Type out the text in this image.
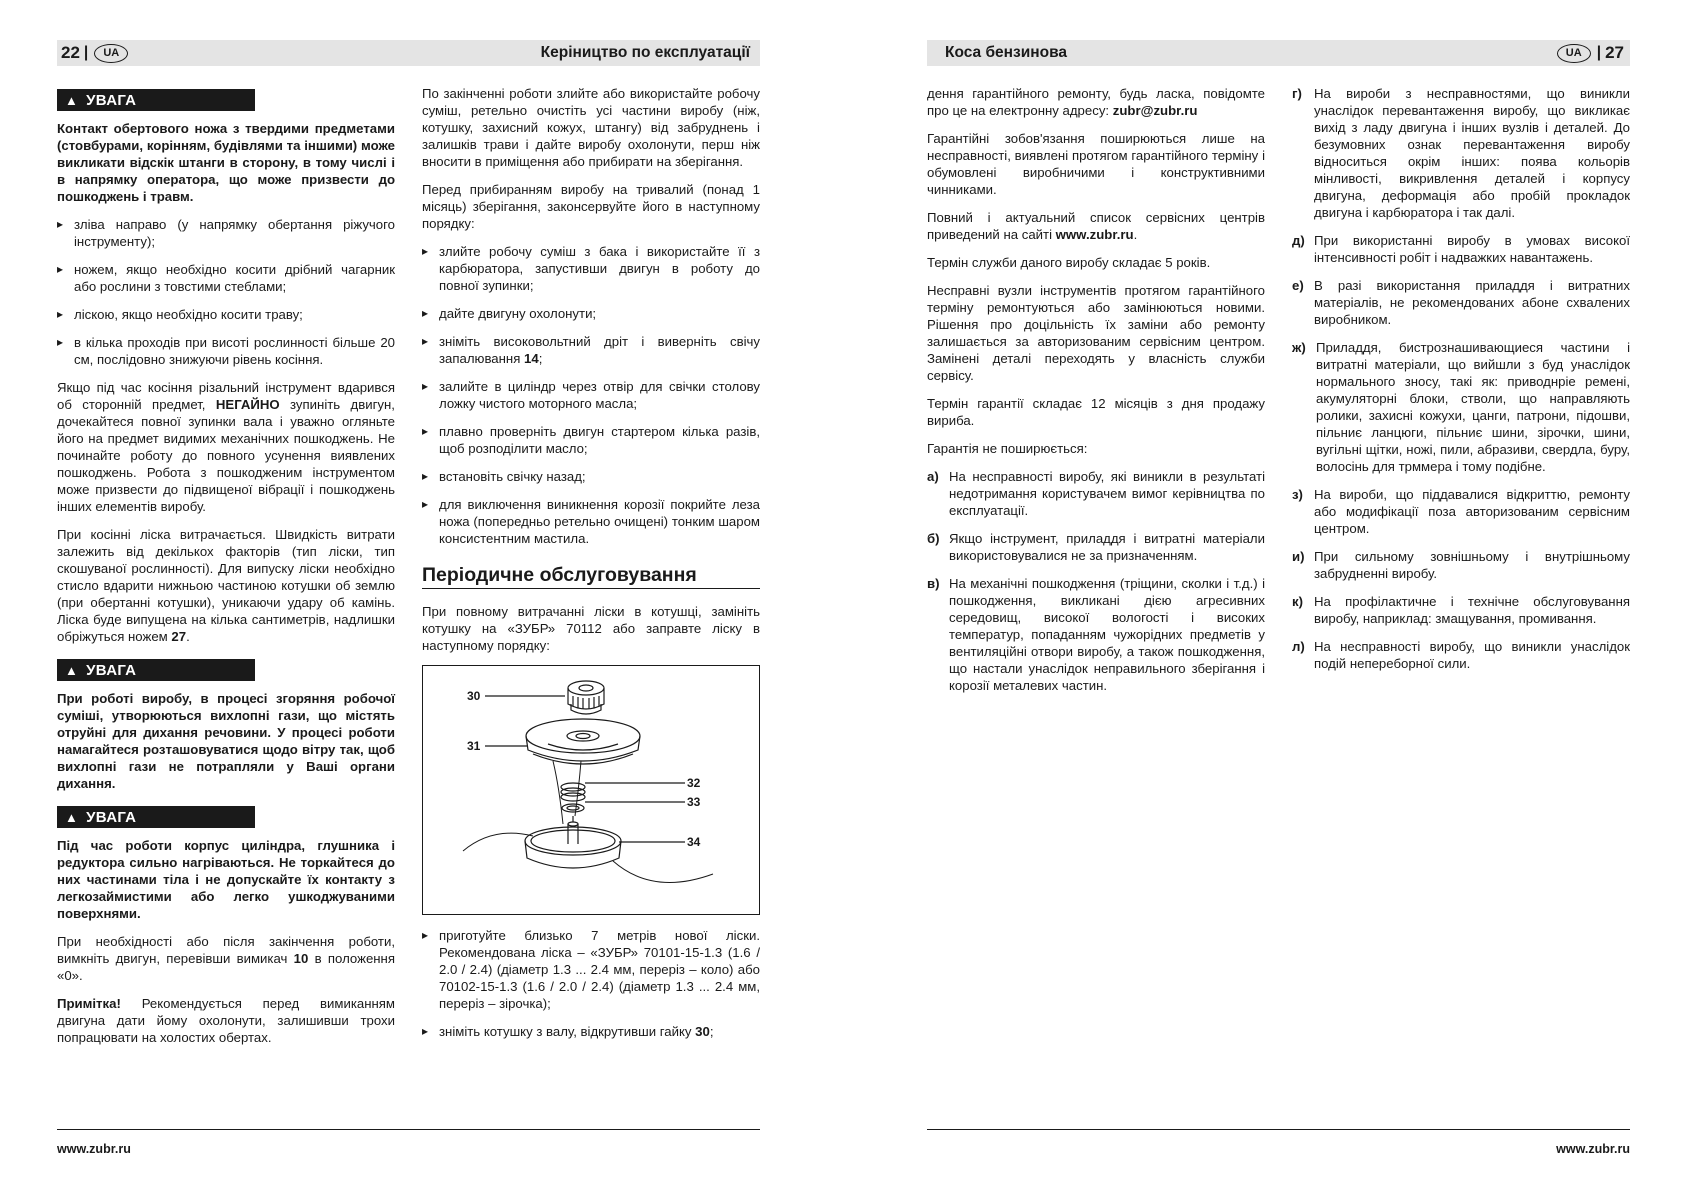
22 |	UA	Керіництво по експлуатації
▲ УВАГА

Контакт обертового ножа з твердими предметами (стовбурами, корінням, будівлями та іншими) може викликати відскік штанги в сторону, в тому числі і в напрямку оператора, що може призвести до пошкоджень і травм.

▸ зліва направо (у напрямку обертання ріжучого інструменту);
▸ ножем, якщо необхідно косити дрібний чагарник або рослини з товстими стеблами;
▸ ліскою, якщо необхідно косити траву;
▸ в кілька проходів при висоті рослинності більше 20 см, послідовно знижуючи рівень косіння.

Якщо під час косіння різальний інструмент вдарився об сторонній предмет, НЕГАЙНО зупиніть двигун, дочекайтеся повної зупинки вала і уважно огляньте його на предмет видимих механічних пошкоджень. Не починайте роботу до повного усунення виявлених пошкоджень. Робота з пошкодженим інструментом може призвести до підвищеної вібрації і пошкоджень інших елементів виробу.

При косінні ліска витрачається. Швидкість витрати залежить від декількох факторів (тип ліски, тип скошуваної рослинності). Для випуску ліски необхідно стисло вдарити нижньою частиною котушки об землю (при обертанні котушки), уникаючи удару об камінь. Ліска буде випущена на кілька сантиметрів, надлишки обріжуться ножем 27.

▲ УВАГА

При роботі виробу, в процесі згоряння робочої суміші, утворюються вихлопні гази, що містять отруйні для дихання речовини. У процесі роботи намагайтеся розташовуватися щодо вітру так, щоб вихлопні гази не потрапляли у Ваші органи дихання.

▲ УВАГА

Під час роботи корпус циліндра, глушника і редуктора сильно нагріваються. Не торкайтеся до них частинами тіла і не допускайте їх контакту з легкозаймистими або легко ушкоджуваними поверхнями.

При необхідності або після закінчення роботи, вимкніть двигун, перевівши вимикач 10 в положення «0».

Примітка! Рекомендується перед вимиканням двигуна дати йому охолонути, залишивши трохи попрацювати на холостих обертах.

По закінченні роботи злийте або використайте робочу суміш, ретельно очистіть усі частини виробу (ніж, котушку, захисний кожух, штангу) від забруднень і залишків трави і дайте виробу охолонути, перш ніж вносити в приміщення або прибирати на зберігання.

Перед прибиранням виробу на тривалий (понад 1 місяць) зберігання, законсервуйте його в наступному порядку:

▸ злийте робочу суміш з бака і використайте її з карбюратора, запустивши двигун в роботу до повної зупинки;
▸ дайте двигуну охолонути;
▸ зніміть високовольтний дріт і виверніть свічу запалювання 14;
▸ залийте в циліндр через отвір для свічки столову ложку чистого моторного масла;
▸ плавно проверніть двигун стартером кілька разів, щоб розподілити масло;
▸ встановіть свічку назад;
▸ для виключення виникнення корозії покрийте леза ножа (попередньо ретельно очищені) тонким шаром консистентним мастила.
Періодичне обслуговування

При повному витрачанні ліски в котушці, замініть котушку на «ЗУБР» 70112 або заправте ліску в наступному порядку:

30
31
32
33
34
▸ приготуйте близько 7 метрів нової ліски. Рекомендована ліска – «ЗУБР» 70101-15-1.3 (1.6 / 2.0 / 2.4) (діаметр 1.3 ... 2.4 мм, переріз – коло) або 70102-15-1.3 (1.6 / 2.0 / 2.4) (діаметр 1.3 ... 2.4 мм, переріз – зірочка);
▸ зніміть котушку з валу, відкрутивши гайку 30;
www.zubr.ru
Коса бензинова	UA | 27

дення гарантійного ремонту, будь ласка, повідомте про це на електронну адресу: zubr@zubr.ru

Гарантійні зобов'язання поширюються лише на несправності, виявлені протягом гарантійного терміну і обумовлені виробничими і конструктивними чинниками.

Повний і актуальний список сервісних центрів приведений на сайті www.zubr.ru.

Термін служби даного виробу складає 5 років.

Несправні вузли інструментів протягом гарантійного терміну ремонтуються або замінюються новими. Рішення про доцільність їх заміни або ремонту залишається за авторизованим сервісним центром. Замінені деталі переходять у власність служби сервісу.

Термін гарантії складає 12 місяців з дня продажу вириба.

Гарантія не поширюється:

а) На несправності виробу, які виникли в результаті недотримання користувачем вимог керівництва по експлуатації.
б) Якщо інструмент, приладдя і витратні матеріали використовувалися не за призначенням.
в) На механічні пошкодження (тріщини, сколки і т.д.) і пошкодження, викликані дією агресивних середовищ, високої вологості і високих температур, попаданням чужорідних предметів у вентиляційні отвори виробу, а також пошкодження, що настали унаслідок неправильного зберігання і корозії металевих частин.
г) На вироби з несправностями, що виникли унаслідок перевантаження виробу, що викликає вихід з ладу двигуна і інших вузлів і деталей. До безумовних ознак перевантаження виробу відноситься окрім інших: поява кольорів мінливості, викривлення деталей і корпусу двигуна, деформація або пробій прокладок двигуна і карбюратора і так далі.
д) При використанні виробу в умовах високої інтенсивності робіт і надважких навантажень.
е) В разі використання приладдя і витратних матеріалів, не рекомендованих абоне схвалених виробником.
ж) Приладдя, бистрознашивающиеся частини і витратні матеріали, що вийшли з буд унаслідок нормального зносу, такі як: приводнріе ремені, акумуляторні блоки, стволи, що направляють ролики, захисні кожухи, цанги, патрони, підошви, пільниє ланцюги, пільниє шини, зірочки, шини, вугільні щітки, ножі, пили, абразиви, свердла, буру, волосінь для трммера і тому подібне.
з) На вироби, що піддавалися відкриттю, ремонту або модифікації поза авторизованим сервісним центром.
и) При сильному зовнішньому і внутрішньому забрудненні виробу.
к) На профілактичне і технічне обслуговування виробу, наприклад: змащування, промивання.
л) На несправності виробу, що виникли унаслідок подій непереборної сили.
www.zubr.ru
